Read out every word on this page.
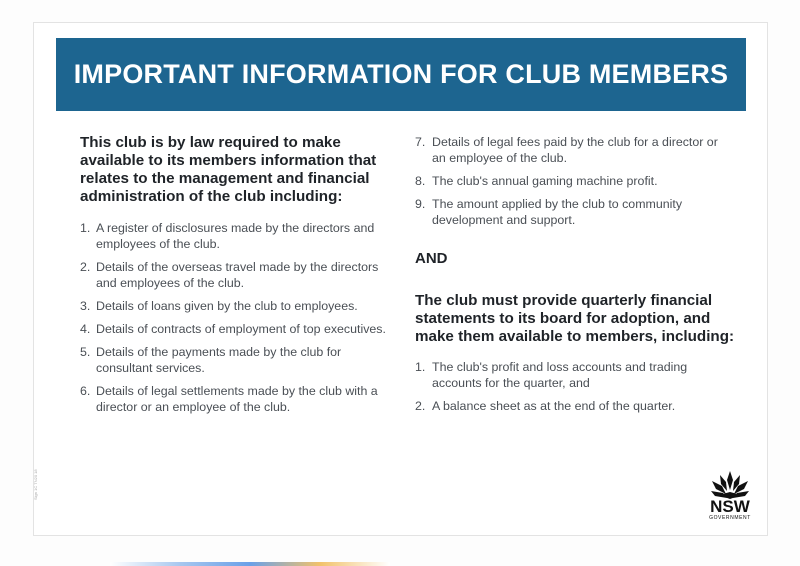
IMPORTANT INFORMATION FOR CLUB MEMBERS

This club is by law required to make available to its members information that relates to the management and financial administration of the club including:

1. A register of disclosures made by the directors and employees of the club.
2. Details of the overseas travel made by the directors and employees of the club.
3. Details of loans given by the club to employees.
4. Details of contracts of employment of top executives.
5. Details of the payments made by the club for consultant services.
6. Details of legal settlements made by the club with a director or an employee of the club.
7. Details of legal fees paid by the club for a director or an employee of the club.
8. The club's annual gaming machine profit.
9. The amount applied by the club to community development and support.
AND

The club must provide quarterly financial statements to its board for adoption, and make them available to members, including:

1. The club's profit and loss accounts and trading accounts for the quarter, and
2. A balance sheet as at the end of the quarter.
NSW
GOVERNMENT
Sign 1C TN20 18
